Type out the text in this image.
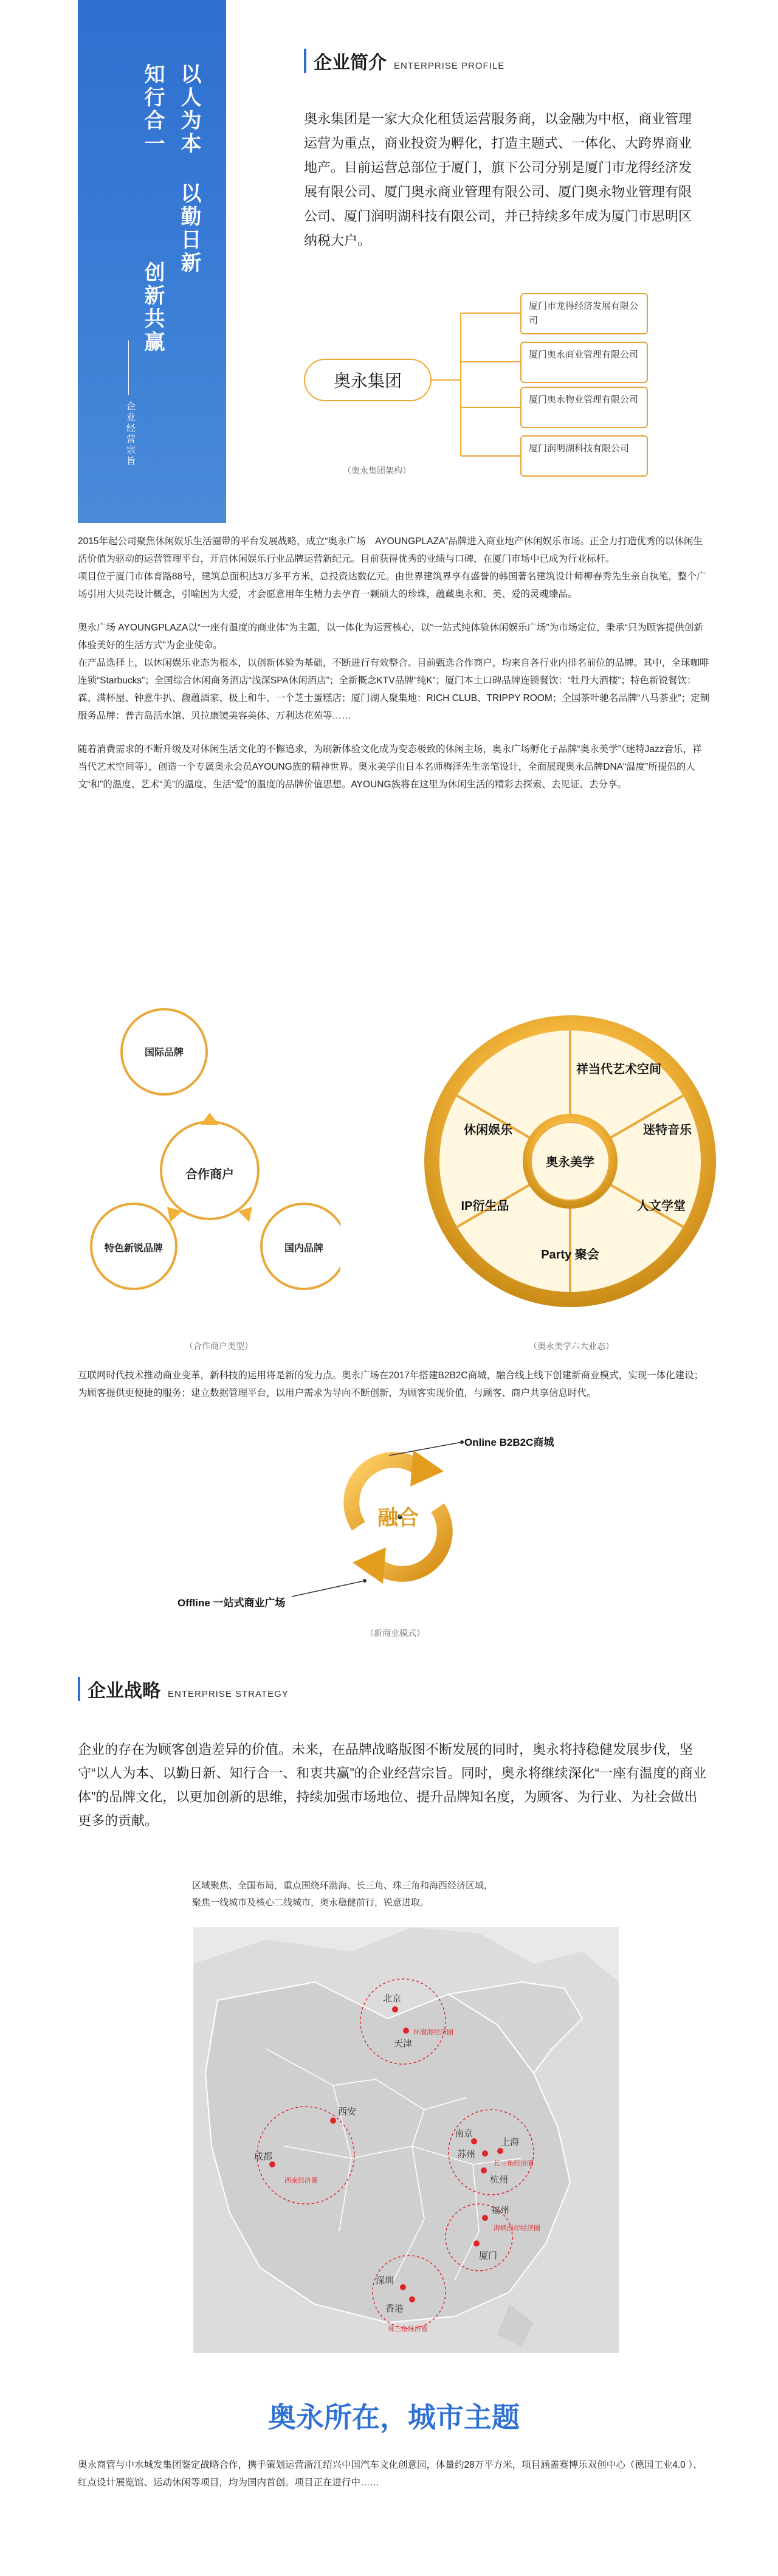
以人为本
以勤日新
知行合一
创新共赢
企业经营宗旨
企业简介 ENTERPRISE PROFILE

奥永集团是一家大众化租赁运营服务商，以金融为中枢，商业管理运营为重点，商业投资为孵化，打造主题式、一体化、大跨界商业地产。目前运营总部位于厦门，旗下公司分别是厦门市龙得经济发展有限公司、厦门奥永商业管理有限公司、厦门奥永物业管理有限公司、厦门润明湖科技有限公司，并已持续多年成为厦门市思明区纳税大户。

奥永集团
厦门市龙得经济发展有限公司
厦门奥永商业管理有限公司
厦门奥永物业管理有限公司
厦门润明湖科技有限公司
（奥永集团架构）

2015年起公司聚焦休闲娱乐生活圈带的平台发展战略，成立“奥永广场　AYOUNGPLAZA”品牌进入商业地产休闲娱乐市场。正全力打造优秀的以休闲生活价值为驱动的运营管理平台，开启休闲娱乐行业品牌运营新纪元。目前获得优秀的业绩与口碑，在厦门市场中已成为行业标杆。

项目位于厦门市体育路88号，建筑总面积达3万多平方米，总投资达数亿元。由世界建筑界享有盛誉的韩国著名建筑设计师柳春秀先生亲自执笔，整个广场引用大贝壳设计概念，引喻因为大爱，才会愿意用年生精力去孕育一颗硕大的珍珠，蕴藏奥永和、美、爱的灵魂臻品。

奥永广场 AYOUNGPLAZA以“一座有温度的商业体”为主题，以一体化为运营核心，以“一站式纯体验休闲娱乐广场”为市场定位，秉承“只为顾客提供创新体验美好的生活方式”为企业使命。

在产品选择上，以休闲娱乐业态为根本，以创新体验为基础，不断进行有效整合。目前甄选合作商户，均来自各行业内排名前位的品牌。其中，全球咖啡连锁“Starbucks”；全国综合休闲商务酒店“浅深SPA休闲酒店”；全新概念KTV品牌“纯K”；厦门本土口碑品牌连锁餐饮：“牡丹大酒楼”；特色新锐餐饮：霖、满杯屋、钟意牛扒、馥蕴酒家、极上和牛、一个芝士蛋糕店；厦门湖人聚集地：RICH CLUB、TRIPPY ROOM；全国茶叶驰名品牌“八马茶业”；定制服务品牌：普吉岛活水馆、贝拉康镜美容美体、万利达花苑等……

随着消费需求的不断升级及对休闲生活文化的不懈追求，为刷新体验文化成为变态极致的休闲主场，奥永广场孵化子品牌“奥永美学”（迷特Jazz音乐，祥当代艺术空间等），创造一个专属奥永会员AYOUNG族的精神世界。奥永美学由日本名师梅泽先生亲笔设计，全面展现奥永品牌DNA“温度”所提倡的人文“和”的温度、艺术“美”的温度、生活“爱”的温度的品牌价值思想。AYOUNG族将在这里为休闲生活的精彩去探索、去见证、去分享。

国际品牌
合作商户
特色新锐品牌	国内品牌
（合作商户类型）
奥永美学
祥当代艺术空间
迷特音乐
人文学堂
Party 聚会
IP衍生品
休闲娱乐
（奥永美学六大业态）

互联网时代技术推动商业变革，新科技的运用将是新的发力点。奥永广场在2017年搭建B2B2C商城，融合线上线下创建新商业模式，实现一体化建设；为顾客提供更便捷的服务；建立数据管理平台，以用户需求为导向不断创新，为顾客实现价值，与顾客、商户共享信息时代。

融合
Online B2B2C商城
Offline 一站式商业广场
（新商业模式）
企业战略 ENTERPRISE STRATEGY

企业的存在为顾客创造差异的价值。未来，在品牌战略版图不断发展的同时，奥永将持稳健发展步伐，坚守“以人为本、以勤日新、知行合一、和衷共赢”的企业经营宗旨。同时，奥永将继续深化“一座有温度的商业体”的品牌文化，以更加创新的思维，持续加强市场地位、提升品牌知名度，为顾客、为行业、为社会做出更多的贡献。

区域聚焦、全国布局，重点围绕环渤海、长三角、珠三角和海西经济区域，
聚焦一线城市及核心二线城市，奥永稳健前行，锐意进取。
北京
天津
西安
成都
南京
苏州
上海
杭州
福州
厦门
深圳
香港
环渤海经济圈
西南经济圈
长三角经济圈
海峡西岸经济圈
珠三角经济圈
奥永所在，城市主题

奥永商管与中水城发集团鉴定战略合作，携手策划运营浙江绍兴中国汽车文化创意园，体量约28万平方米，项目涵盖赛博乐双创中心（德国工业4.0 ）、红点设计展览馆、运动休闲等项目，均为国内首创。项目正在进行中……
